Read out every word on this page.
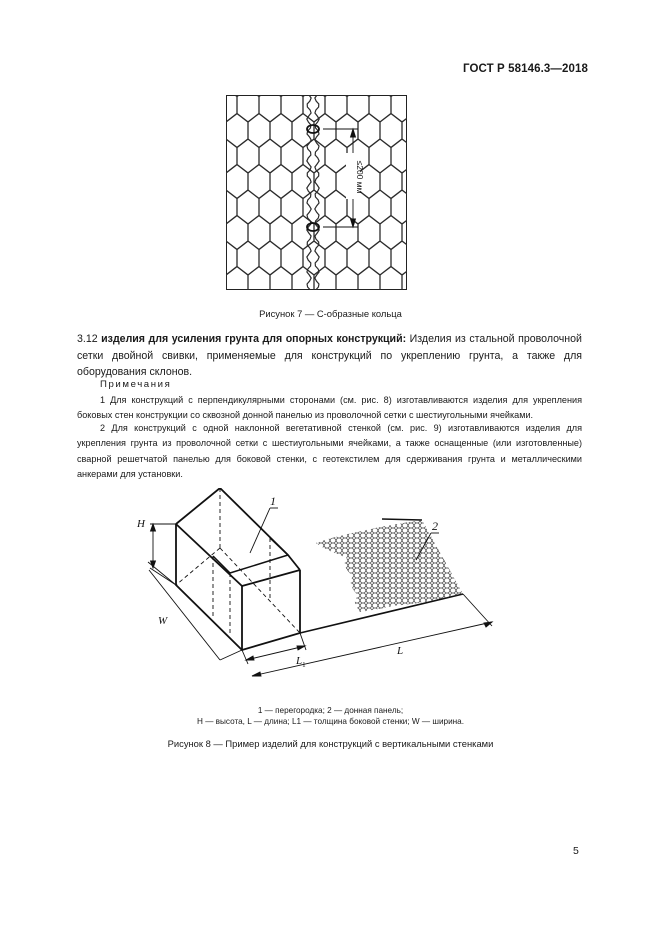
ГОСТ Р 58146.3—2018
≤200 мм
Рисунок 7 — С-образные кольца
3.12 изделия для усиления грунта для опорных конструкций: Изделия из стальной проволочной сетки двойной свивки, применяемые для конструкций по укреплению грунта, а также для оборудования склонов.
Примечания
1 Для конструкций с перпендикулярными сторонами (см. рис. 8) изготавливаются изделия для укрепления боковых стен конструкции со сквозной донной панелью из проволочной сетки с шестиугольными ячейками.
2 Для конструкций с одной наклонной вегетативной стенкой (см. рис. 9) изготавливаются изделия для укрепления грунта из проволочной сетки с шестиугольными ячейками, а также оснащенные (или изготовленные) сварной решетчатой панелью для боковой стенки, с геотекстилем для сдерживания грунта и металлическими анкерами для установки.
H
W
$L_1$
L
1
2
1 — перегородка; 2 — донная панель;
H — высота, L — длина; L1 — толщина боковой стенки; W — ширина.
Рисунок 8 — Пример изделий для конструкций с вертикальными стенками
5
